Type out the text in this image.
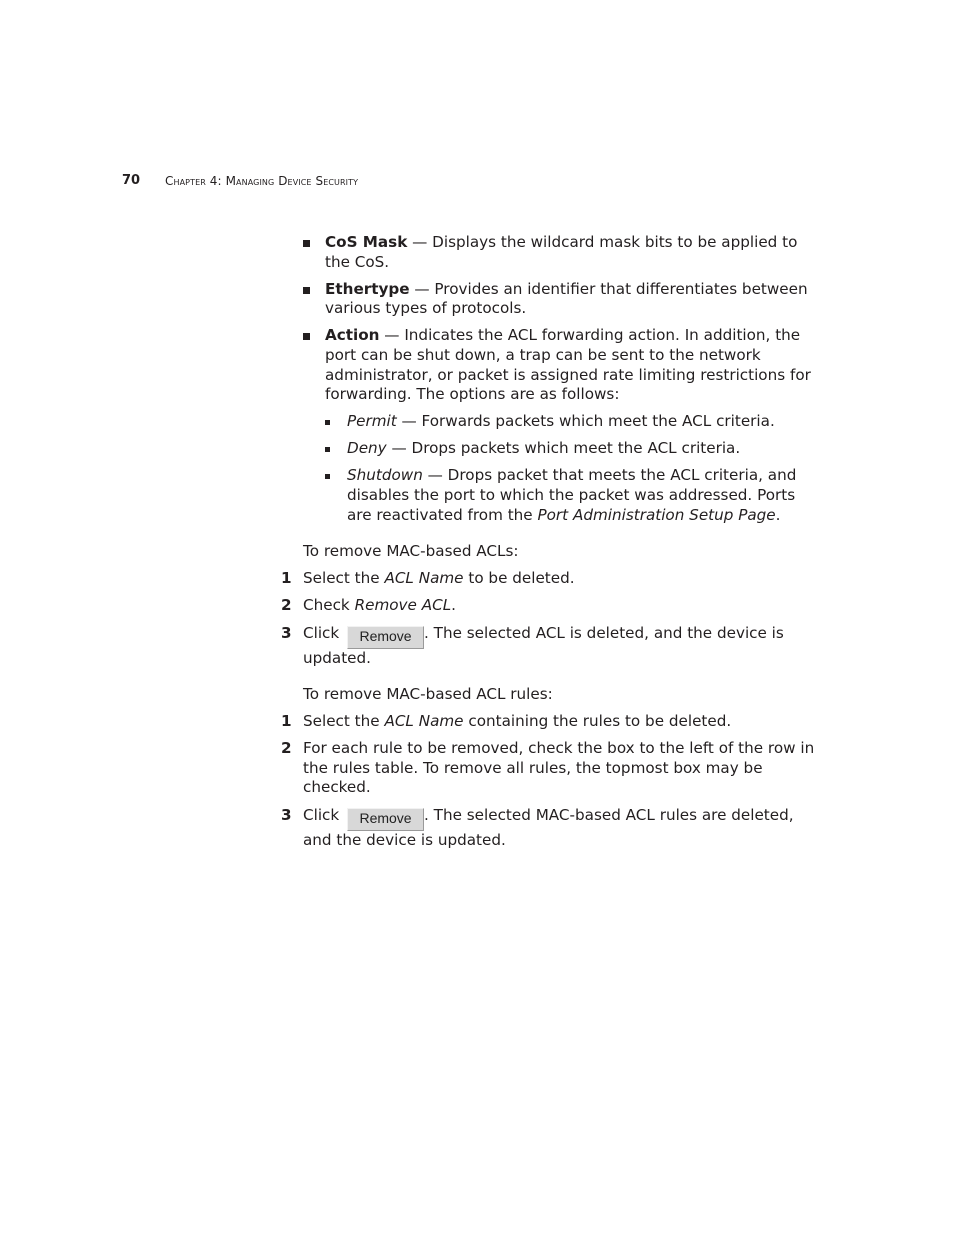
70 Chapter 4: Managing Device Security
CoS Mask — Displays the wildcard mask bits to be applied to the CoS.
Ethertype — Provides an identifier that differentiates between various types of protocols.
Action — Indicates the ACL forwarding action. In addition, the port can be shut down, a trap can be sent to the network administrator, or packet is assigned rate limiting restrictions for forwarding. The options are as follows:
Permit — Forwards packets which meet the ACL criteria.
Deny — Drops packets which meet the ACL criteria.
Shutdown — Drops packet that meets the ACL criteria, and disables the port to which the packet was addressed. Ports are reactivated from the Port Administration Setup Page.
To remove MAC-based ACLs:
1 Select the ACL Name to be deleted.
2 Check Remove ACL.
3 Click Remove . The selected ACL is deleted, and the device is updated.
To remove MAC-based ACL rules:
1 Select the ACL Name containing the rules to be deleted.
2 For each rule to be removed, check the box to the left of the row in the rules table. To remove all rules, the topmost box may be checked.
3 Click Remove . The selected MAC-based ACL rules are deleted, and the device is updated.
